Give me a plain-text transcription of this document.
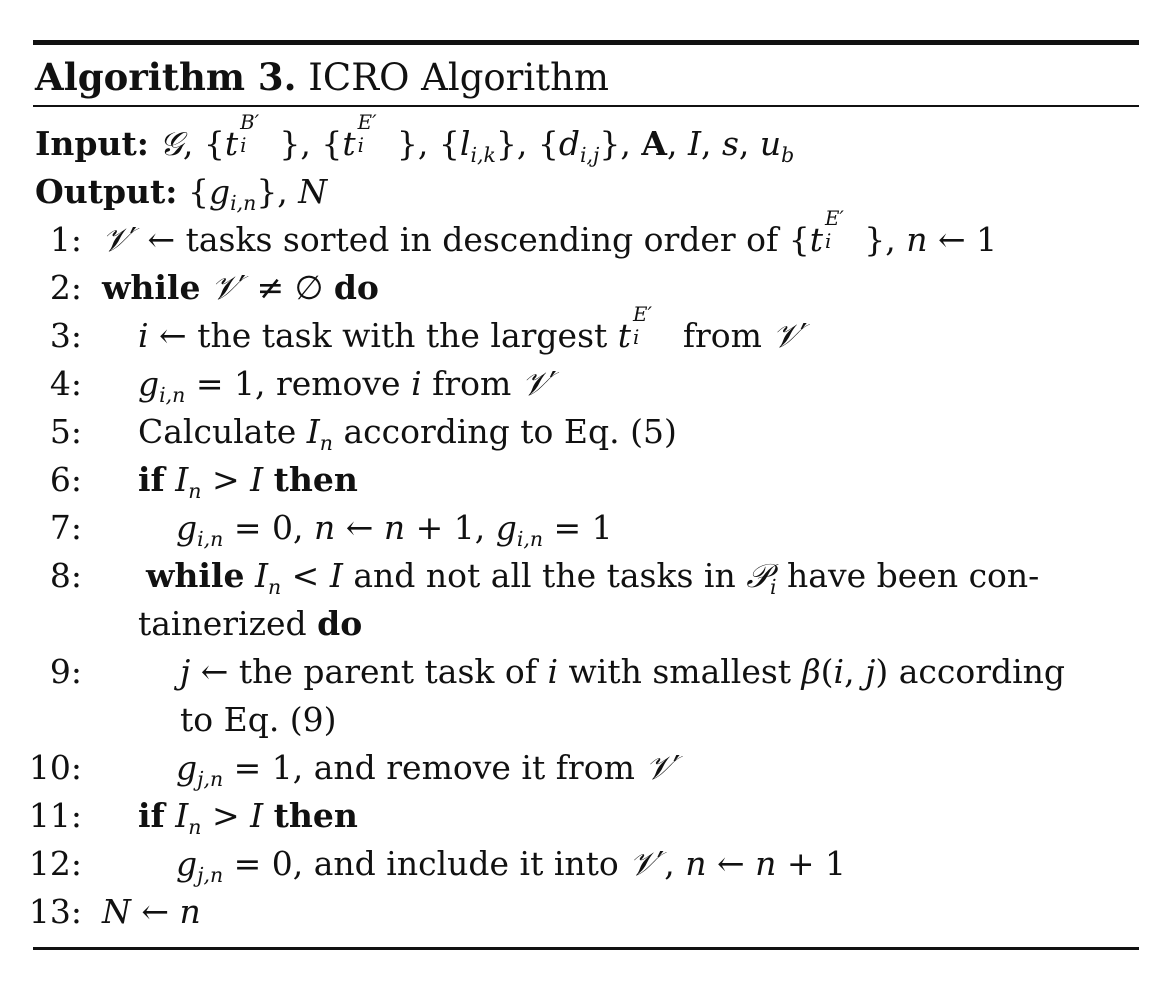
Algorithm 3. ICRO Algorithm
Input: 𝒢, {t
B′
i }, {t
E′
i }, $\{l_{i,k}\}$, $\{d_{i,j}\}$, A, I, s, $u_b$
Output: $\{g_{i,n}\}$, N
1: 𝒱′ ← tasks sorted in descending order of {t
E′
i }, n ← 1
2: while 𝒱′ ≠ ∅ do
3: i ← the task with the largest t
E′
i from 𝒱′
4: $g_{i,n} = 1$, remove i from 𝒱′
5: Calculate $I_n$ according to Eq. (5)
6: if $I_n > I$ then
7:	$g_{i,n} = 0$, n ← n + 1, $g_{i,n} = 1$
8: while $I_n < I$ and not all the tasks in 𝒫$_i$ have been con-
tainerized do
9:	j ← the parent task of i with smallest β(i, j) according
to Eq. (9)
10:	$g_{j,n} = 1$, and remove it from 𝒱′
11: if $I_n > I$ then
12:	$g_{j,n} = 0$, and include it into 𝒱′, n ← n + 1
13: N ← n
